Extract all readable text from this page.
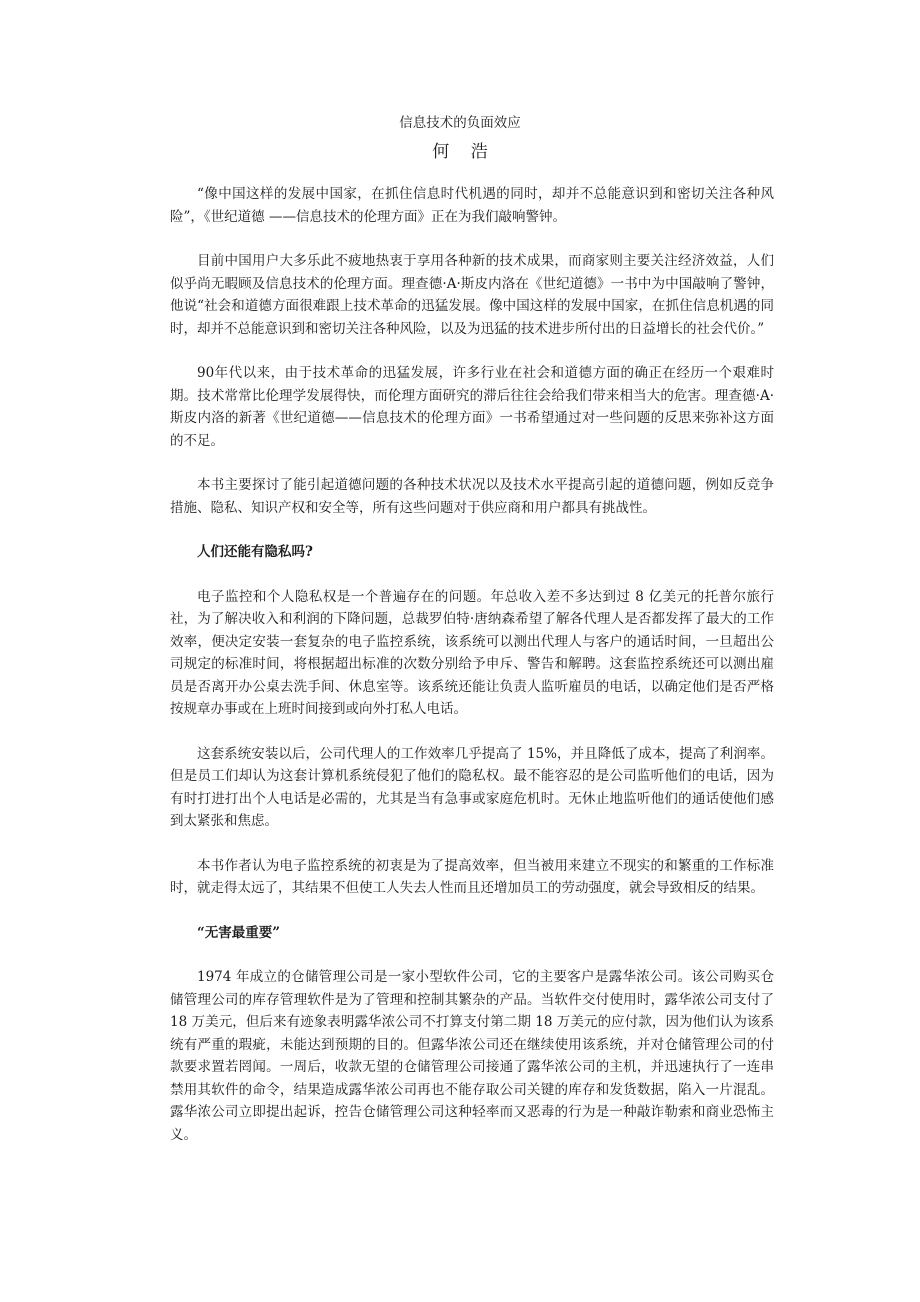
信息技术的负面效应
何 浩

“像中国这样的发展中国家，在抓住信息时代机遇的同时，却并不总能意识到和密切关注各种风险”，《世纪道德 ——信息技术的伦理方面》正在为我们敲响警钟。

目前中国用户大多乐此不疲地热衷于享用各种新的技术成果，而商家则主要关注经济效益，人们似乎尚无暇顾及信息技术的伦理方面。理查德·A·斯皮内洛在《世纪道德》一书中为中国敲响了警钟，他说“社会和道德方面很难跟上技术革命的迅猛发展。像中国这样的发展中国家，在抓住信息机遇的同时，却并不总能意识到和密切关注各种风险，以及为迅猛的技术进步所付出的日益增长的社会代价。”

90年代以来，由于技术革命的迅猛发展，许多行业在社会和道德方面的确正在经历一个艰难时期。技术常常比伦理学发展得快，而伦理方面研究的滞后往往会给我们带来相当大的危害。理查德·A·斯皮内洛的新著《世纪道德——信息技术的伦理方面》一书希望通过对一些问题的反思来弥补这方面的不足。

本书主要探讨了能引起道德问题的各种技术状况以及技术水平提高引起的道德问题，例如反竞争措施、隐私、知识产权和安全等，所有这些问题对于供应商和用户都具有挑战性。

人们还能有隐私吗?

电子监控和个人隐私权是一个普遍存在的问题。年总收入差不多达到过 8 亿美元的托普尔旅行社，为了解决收入和利润的下降问题，总裁罗伯特·唐纳森希望了解各代理人是否都发挥了最大的工作效率，便决定安装一套复杂的电子监控系统，该系统可以测出代理人与客户的通话时间，一旦超出公司规定的标准时间，将根据超出标准的次数分别给予申斥、警告和解聘。这套监控系统还可以测出雇员是否离开办公桌去洗手间、休息室等。该系统还能让负责人监听雇员的电话，以确定他们是否严格按规章办事或在上班时间接到或向外打私人电话。

这套系统安装以后，公司代理人的工作效率几乎提高了 15%，并且降低了成本，提高了利润率。但是员工们却认为这套计算机系统侵犯了他们的隐私权。最不能容忍的是公司监听他们的电话，因为有时打进打出个人电话是必需的，尤其是当有急事或家庭危机时。无休止地监听他们的通话使他们感到太紧张和焦虑。

本书作者认为电子监控系统的初衷是为了提高效率，但当被用来建立不现实的和繁重的工作标准时，就走得太远了，其结果不但使工人失去人性而且还增加员工的劳动强度，就会导致相反的结果。

“无害最重要”

1974 年成立的仓储管理公司是一家小型软件公司，它的主要客户是露华浓公司。该公司购买仓储管理公司的库存管理软件是为了管理和控制其繁杂的产品。当软件交付使用时，露华浓公司支付了 18 万美元，但后来有迹象表明露华浓公司不打算支付第二期 18 万美元的应付款，因为他们认为该系统有严重的瑕疵，未能达到预期的目的。但露华浓公司还在继续使用该系统，并对仓储管理公司的付款要求置若罔闻。一周后，收款无望的仓储管理公司接通了露华浓公司的主机，并迅速执行了一连串禁用其软件的命令，结果造成露华浓公司再也不能存取公司关键的库存和发货数据，陷入一片混乱。露华浓公司立即提出起诉，控告仓储管理公司这种轻率而又恶毒的行为是一种敲诈勒索和商业恐怖主义。
